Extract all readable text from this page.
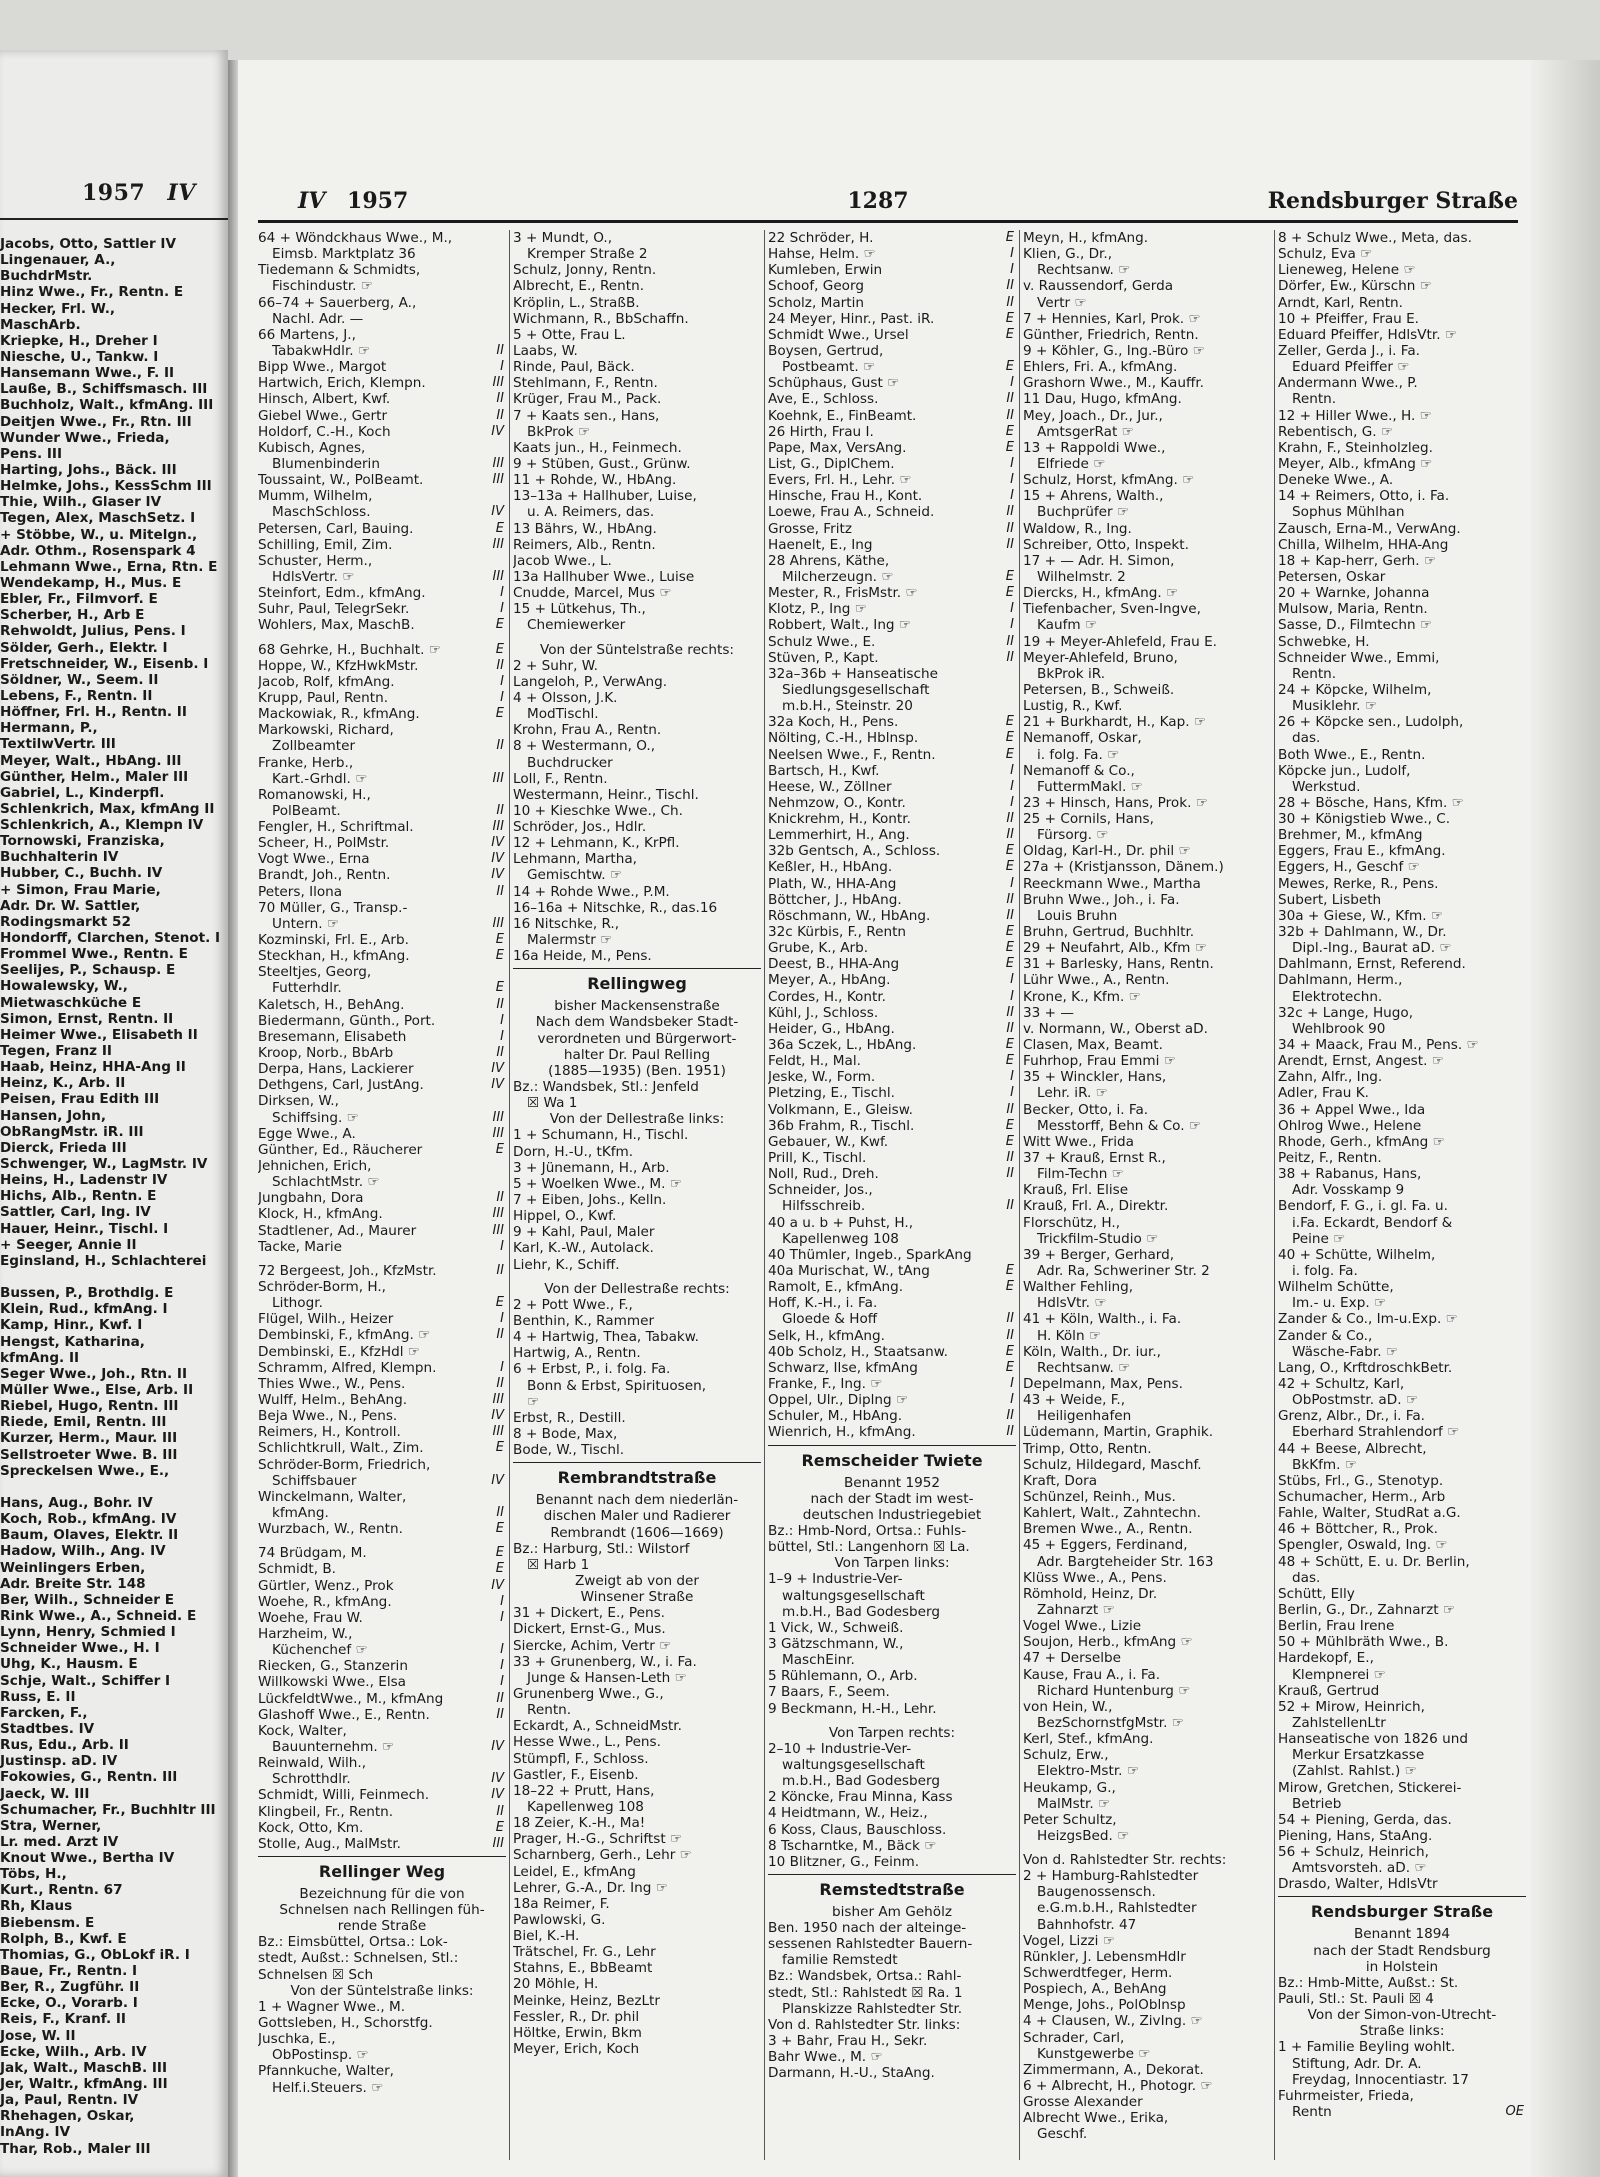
1957 IV
Jacobs, Otto, Sattler IV
Lingenauer, A.,
BuchdrMstr.
Hinz Wwe., Fr., Rentn. E
Hecker, Frl. W.,
MaschArb.
Kriepke, H., Dreher I
Niesche, U., Tankw. I
Hansemann Wwe., F. II
Lauße, B., Schiffsmasch. III
Buchholz, Walt., kfmAng. III
Deitjen Wwe., Fr., Rtn. III
Wunder Wwe., Frieda,
Pens. III
Harting, Johs., Bäck. III
Helmke, Johs., KessSchm III
Thie, Wilh., Glaser IV
Tegen, Alex, MaschSetz. I
+ Stöbbe, W., u. Mitelgn.,
Adr. Othm., Rosenspark 4
Lehmann Wwe., Erna, Rtn. E
Wendekamp, H., Mus. E
Ebler, Fr., Filmvorf. E
Scherber, H., Arb E
Rehwoldt, Julius, Pens. I
Sölder, Gerh., Elektr. I
Fretschneider, W., Eisenb. I
Söldner, W., Seem. II
Lebens, F., Rentn. II
Höffner, Frl. H., Rentn. II
Hermann, P.,
TextilwVertr. III
Meyer, Walt., HbAng. III
Günther, Helm., Maler III
Gabriel, L., Kinderpfl.
Schlenkrich, Max, kfmAng II
Schlenkrich, A., Klempn IV
Tornowski, Franziska,
Buchhalterin IV
Hubber, C., Buchh. IV
+ Simon, Frau Marie,
Adr. Dr. W. Sattler,
Rodingsmarkt 52
Hondorff, Clarchen, Stenot. I
Frommel Wwe., Rentn. E
Seelijes, P., Schausp. E
Howalewsky, W.,
Mietwaschküche E
Simon, Ernst, Rentn. II
Heimer Wwe., Elisabeth II
Tegen, Franz II
Haab, Heinz, HHA-Ang II
Heinz, K., Arb. II
Peisen, Frau Edith III
Hansen, John,
ObRangMstr. iR. III
Dierck, Frieda III
Schwenger, W., LagMstr. IV
Heins, H., Ladenstr IV
Hichs, Alb., Rentn. E
Sattler, Carl, Ing. IV
Hauer, Heinr., Tischl. I
+ Seeger, Annie II
Eginsland, H., Schlachterei
Bussen, P., Brothdlg. E
Klein, Rud., kfmAng. I
Kamp, Hinr., Kwf. I
Hengst, Katharina,
kfmAng. II
Seger Wwe., Joh., Rtn. II
Müller Wwe., Else, Arb. II
Riebel, Hugo, Rentn. III
Riede, Emil, Rentn. III
Kurzer, Herm., Maur. III
Sellstroeter Wwe. B. III
Spreckelsen Wwe., E.,
Hans, Aug., Bohr. IV
Koch, Rob., kfmAng. IV
Baum, Olaves, Elektr. II
Hadow, Wilh., Ang. IV
Weinlingers Erben,
Adr. Breite Str. 148
Ber, Wilh., Schneider E
Rink Wwe., A., Schneid. E
Lynn, Henry, Schmied I
Schneider Wwe., H. I
Uhg, K., Hausm. E
Schje, Walt., Schiffer I
Russ, E. II
Farcken, F.,
Stadtbes. IV
Rus, Edu., Arb. II
Justinsp. aD. IV
Fokowies, G., Rentn. III
Jaeck, W. III
Schumacher, Fr., Buchhltr III
Stra, Werner,
Lr. med. Arzt IV
Knout Wwe., Bertha IV
Töbs, H.,
Kurt., Rentn. 67
Rh, Klaus
Biebensm. E
Rolph, B., Kwf. E
Thomias, G., ObLokf iR. I
Baue, Fr., Rentn. I
Ber, R., Zugführ. II
Ecke, O., Vorarb. I
Reis, F., Kranf. II
Jose, W. II
Ecke, Wilh., Arb. IV
Jak, Walt., MaschB. III
Jer, Waltr., kfmAng. III
Ja, Paul, Rentn. IV
Rhehagen, Oskar,
InAng. IV
Thar, Rob., Maler III
IV 1957	1287	Rendsburger Straße
64 + Wöndckhaus Wwe., M.,
Eimsb. Marktplatz 36
Tiedemann & Schmidts,
Fischindustr. ☞
66–74 + Sauerberg, A.,
Nachl. Adr. —
66 Martens, J.,
TabakwHdlr. ☞	II
Bipp Wwe., Margot	I
Hartwich, Erich, Klempn.	III
Hinsch, Albert, Kwf.	II
Giebel Wwe., Gertr	II
Holdorf, C.-H., Koch	IV
Kubisch, Agnes,
Blumenbinderin	III
Toussaint, W., PolBeamt.	III
Mumm, Wilhelm,
MaschSchloss.	IV
Petersen, Carl, Bauing.	E
Schilling, Emil, Zim.	III
Schuster, Herm.,
HdlsVertr. ☞	III
Steinfort, Edm., kfmAng.	I
Suhr, Paul, TelegrSekr.	I
Wohlers, Max, MaschB.	E
68 Gehrke, H., Buchhalt. ☞	E
Hoppe, W., KfzHwkMstr.	II
Jacob, Rolf, kfmAng.	I
Krupp, Paul, Rentn.	I
Mackowiak, R., kfmAng.	E
Markowski, Richard,
Zollbeamter	II
Franke, Herb.,
Kart.-Grhdl. ☞	III
Romanowski, H.,
PolBeamt.	II
Fengler, H., Schriftmal.	III
Scheer, H., PolMstr.	IV
Vogt Wwe., Erna	IV
Brandt, Joh., Rentn.	IV
Peters, Ilona	II
70 Müller, G., Transp.-
Untern. ☞	III
Kozminski, Frl. E., Arb.	E
Steckhan, H., kfmAng.	E
Steeltjes, Georg,
Futterhdlr.	E
Kaletsch, H., BehAng.	II
Biedermann, Günth., Port.	I
Bresemann, Elisabeth	I
Kroop, Norb., BbArb	II
Derpa, Hans, Lackierer	IV
Dethgens, Carl, JustAng.	IV
Dirksen, W.,
Schiffsing. ☞	III
Egge Wwe., A.	III
Günther, Ed., Räucherer	E
Jehnichen, Erich,
SchlachtMstr. ☞
Jungbahn, Dora	II
Klock, H., kfmAng.	III
Stadtlener, Ad., Maurer	III
Tacke, Marie	I
72 Bergeest, Joh., KfzMstr.	II
Schröder-Borm, H.,
Lithogr.	E
Flügel, Wilh., Heizer	I
Dembinski, F., kfmAng. ☞	II
Dembinski, E., KfzHdl ☞
Schramm, Alfred, Klempn.	I
Thies Wwe., W., Pens.	II
Wulff, Helm., BehAng.	III
Beja Wwe., N., Pens.	IV
Reimers, H., Kontroll.	III
Schlichtkrull, Walt., Zim.	E
Schröder-Borm, Friedrich,
Schiffsbauer	IV
Winckelmann, Walter,
kfmAng.	II
Wurzbach, W., Rentn.	E
74 Brüdgam, M.	E
Schmidt, B.	E
Gürtler, Wenz., Prok	IV
Woehe, R., kfmAng.	I
Woehe, Frau W.	I
Harzheim, W.,
Küchenchef ☞	I
Riecken, G., Stanzerin	I
Willkowski Wwe., Elsa	I
LückfeldtWwe., M., kfmAng	II
Glashoff Wwe., E., Rentn.	II
Kock, Walter,
Bauunternehm. ☞	IV
Reinwald, Wilh.,
Schrotthdlr.	IV
Schmidt, Willi, Feinmech.	IV
Klingbeil, Fr., Rentn.	II
Kock, Otto, Km.	E
Stolle, Aug., MalMstr.	III
Rellinger Weg
Bezeichnung für die von
Schnelsen nach Rellingen füh-
rende Straße
Bz.: Eimsbüttel, Ortsa.: Lok-
stedt, Außst.: Schnelsen, Stl.:
Schnelsen ☒ Sch
Von der Süntelstraße links:
1 + Wagner Wwe., M.
Gottsleben, H., Schorstfg.
Juschka, E.,
ObPostinsp. ☞
Pfannkuche, Walter,
Helf.i.Steuers. ☞
3 + Mundt, O.,
Kremper Straße 2
Schulz, Jonny, Rentn.
Albrecht, E., Rentn.
Kröplin, L., StraßB.
Wichmann, R., BbSchaffn.
5 + Otte, Frau L.
Laabs, W.
Rinde, Paul, Bäck.
Stehlmann, F., Rentn.
Krüger, Frau M., Pack.
7 + Kaats sen., Hans,
BkProk ☞
Kaats jun., H., Feinmech.
9 + Stüben, Gust., Grünw.
11 + Rohde, W., HbAng.
13–13a + Hallhuber, Luise,
u. A. Reimers, das.
13 Bährs, W., HbAng.
Reimers, Alb., Rentn.
Jacob Wwe., L.
13a Hallhuber Wwe., Luise
Cnudde, Marcel, Mus ☞
15 + Lütkehus, Th.,
Chemiewerker
Von der Süntelstraße rechts:
2 + Suhr, W.
Langeloh, P., VerwAng.
4 + Olsson, J.K.
ModTischl.
Krohn, Frau A., Rentn.
8 + Westermann, O.,
Buchdrucker
Loll, F., Rentn.
Westermann, Heinr., Tischl.
10 + Kieschke Wwe., Ch.
Schröder, Jos., Hdlr.
12 + Lehmann, K., KrPfl.
Lehmann, Martha,
Gemischtw. ☞
14 + Rohde Wwe., P.M.
16–16a + Nitschke, R., das.16
16 Nitschke, R.,
Malermstr ☞
16a Heide, M., Pens.
Rellingweg
bisher Mackensenstraße
Nach dem Wandsbeker Stadt-
verordneten und Bürgerwort-
halter Dr. Paul Relling
(1885—1935) (Ben. 1951)
Bz.: Wandsbek, Stl.: Jenfeld
☒ Wa 1
Von der Dellestraße links:
1 + Schumann, H., Tischl.
Dorn, H.-U., tKfm.
3 + Jünemann, H., Arb.
5 + Woelken Wwe., M. ☞
7 + Eiben, Johs., Kelln.
Hippel, O., Kwf.
9 + Kahl, Paul, Maler
Karl, K.-W., Autolack.
Liehr, K., Schiff.
Von der Dellestraße rechts:
2 + Pott Wwe., F.,
Benthin, K., Rammer
4 + Hartwig, Thea, Tabakw.
Hartwig, A., Rentn.
6 + Erbst, P., i. folg. Fa.
Bonn & Erbst, Spirituosen,
☞
Erbst, R., Destill.
8 + Bode, Max,
Bode, W., Tischl.
Rembrandtstraße
Benannt nach dem niederlän-
dischen Maler und Radierer
Rembrandt (1606—1669)
Bz.: Harburg, Stl.: Wilstorf
☒ Harb 1
Zweigt ab von der
Winsener Straße
31 + Dickert, E., Pens.
Dickert, Ernst-G., Mus.
Siercke, Achim, Vertr ☞
33 + Grunenberg, W., i. Fa.
Junge & Hansen-Leth ☞
Grunenberg Wwe., G.,
Rentn.
Eckardt, A., SchneidMstr.
Hesse Wwe., L., Pens.
Stümpfl, F., Schloss.
Gastler, F., Eisenb.
18–22 + Prutt, Hans,
Kapellenweg 108
18 Zeier, K.-H., Ma!
Prager, H.-G., Schriftst ☞
Scharnberg, Gerh., Lehr ☞
Leidel, E., kfmAng
Lehrer, G.-A., Dr. Ing ☞
18a Reimer, F.
Pawlowski, G.
Biel, K.-H.
Trätschel, Fr. G., Lehr
Stahns, E., BbBeamt
20 Möhle, H.
Meinke, Heinz, BezLtr
Fessler, R., Dr. phil
Höltke, Erwin, Bkm
Meyer, Erich, Koch
22 Schröder, H.	E
Hahse, Helm. ☞	I
Kumleben, Erwin	I
Schoof, Georg	II
Scholz, Martin	II
24 Meyer, Hinr., Past. iR.	E
Schmidt Wwe., Ursel	E
Boysen, Gertrud,
Postbeamt. ☞	E
Schüphaus, Gust ☞	I
Ave, E., Schloss.	II
Koehnk, E., FinBeamt.	II
26 Hirth, Frau I.	E
Pape, Max, VersAng.	E
List, G., DiplChem.	I
Evers, Frl. H., Lehr. ☞	I
Hinsche, Frau H., Kont.	I
Loewe, Frau A., Schneid.	II
Grosse, Fritz	II
Haenelt, E., Ing	II
28 Ahrens, Käthe,
Milcherzeugn. ☞	E
Mester, R., FrisMstr. ☞	E
Klotz, P., Ing ☞	I
Robbert, Walt., Ing ☞	I
Schulz Wwe., E.	II
Stüven, P., Kapt.	II
32a–36b + Hanseatische
Siedlungsgesellschaft
m.b.H., Steinstr. 20
32a Koch, H., Pens.	E
Nölting, C.-H., Hblnsp.	E
Neelsen Wwe., F., Rentn.	E
Bartsch, H., Kwf.	I
Heese, W., Zöllner	I
Nehmzow, O., Kontr.	I
Knickrehm, H., Kontr.	II
Lemmerhirt, H., Ang.	II
32b Gentsch, A., Schloss.	E
Keßler, H., HbAng.	E
Plath, W., HHA-Ang	I
Böttcher, J., HbAng.	II
Röschmann, W., HbAng.	II
32c Kürbis, F., Rentn	E
Grube, K., Arb.	E
Deest, B., HHA-Ang	E
Meyer, A., HbAng.	I
Cordes, H., Kontr.	I
Kühl, J., Schloss.	II
Heider, G., HbAng.	II
36a Sczek, L., HbAng.	E
Feldt, H., Mal.	E
Jeske, W., Form.	I
Pletzing, E., Tischl.	I
Volkmann, E., Gleisw.	II
36b Frahm, R., Tischl.	E
Gebauer, W., Kwf.	E
Prill, K., Tischl.	II
Noll, Rud., Dreh.	II
Schneider, Jos.,
Hilfsschreib.	II
40 a u. b + Puhst, H.,
Kapellenweg 108
40 Thümler, Ingeb., SparkAng
40a Murischat, W., tAng	E
Ramolt, E., kfmAng.	E
Hoff, K.-H., i. Fa.
Gloede & Hoff	II
Selk, H., kfmAng.	II
40b Scholz, H., Staatsanw.	E
Schwarz, Ilse, kfmAng	E
Franke, F., Ing. ☞	I
Oppel, Ulr., Diplng ☞	I
Schuler, M., HbAng.	II
Wienrich, H., kfmAng.	II
Remscheider Twiete
Benannt 1952
nach der Stadt im west-
deutschen Industriegebiet
Bz.: Hmb-Nord, Ortsa.: Fuhls-
büttel, Stl.: Langenhorn ☒ La.
Von Tarpen links:
1–9 + Industrie-Ver-
waltungsgesellschaft
m.b.H., Bad Godesberg
1 Vick, W., Schweiß.
3 Gätzschmann, W.,
MaschEinr.
5 Rühlemann, O., Arb.
7 Baars, F., Seem.
9 Beckmann, H.-H., Lehr.
Von Tarpen rechts:
2–10 + Industrie-Ver-
waltungsgesellschaft
m.b.H., Bad Godesberg
2 Köncke, Frau Minna, Kass
4 Heidtmann, W., Heiz.,
6 Koss, Claus, Bauschloss.
8 Tscharntke, M., Bäck ☞
10 Blitzner, G., Feinm.
Remstedtstraße
bisher Am Gehölz
Ben. 1950 nach der alteinge-
sessenen Rahlstedter Bauern-
familie Remstedt
Bz.: Wandsbek, Ortsa.: Rahl-
stedt, Stl.: Rahlstedt ☒ Ra. 1
Planskizze Rahlstedter Str.
Von d. Rahlstedter Str. links:
3 + Bahr, Frau H., Sekr.
Bahr Wwe., M. ☞
Darmann, H.-U., StaAng.
Meyn, H., kfmAng.
Klien, G., Dr.,
Rechtsanw. ☞
v. Raussendorf, Gerda
Vertr ☞
7 + Hennies, Karl, Prok. ☞
Günther, Friedrich, Rentn.
9 + Köhler, G., Ing.-Büro ☞
Ehlers, Fri. A., kfmAng.
Grashorn Wwe., M., Kauffr.
11 Dau, Hugo, kfmAng.
Mey, Joach., Dr., Jur.,
AmtsgerRat ☞
13 + Rappoldi Wwe.,
Elfriede ☞
Schulz, Horst, kfmAng. ☞
15 + Ahrens, Walth.,
Buchprüfer ☞
Waldow, R., Ing.
Schreiber, Otto, Inspekt.
17 + — Adr. H. Simon,
Wilhelmstr. 2
Diercks, H., kfmAng. ☞
Tiefenbacher, Sven-Ingve,
Kaufm ☞
19 + Meyer-Ahlefeld, Frau E.
Meyer-Ahlefeld, Bruno,
BkProk iR.
Petersen, B., Schweiß.
Lustig, R., Kwf.
21 + Burkhardt, H., Kap. ☞
Nemanoff, Oskar,
i. folg. Fa. ☞
Nemanoff & Co.,
FuttermMakl. ☞
23 + Hinsch, Hans, Prok. ☞
25 + Cornils, Hans,
Fürsorg. ☞
Oldag, Karl-H., Dr. phil ☞
27a + (Kristjansson, Dänem.)
Reeckmann Wwe., Martha
Bruhn Wwe., Joh., i. Fa.
Louis Bruhn
Bruhn, Gertrud, Buchhltr.
29 + Neufahrt, Alb., Kfm ☞
31 + Barlesky, Hans, Rentn.
Lühr Wwe., A., Rentn.
Krone, K., Kfm. ☞
33 + —
v. Normann, W., Oberst aD.
Clasen, Max, Beamt.
Fuhrhop, Frau Emmi ☞
35 + Winckler, Hans,
Lehr. iR. ☞
Becker, Otto, i. Fa.
Messtorff, Behn & Co. ☞
Witt Wwe., Frida
37 + Krauß, Ernst R.,
Film-Techn ☞
Krauß, Frl. Elise
Krauß, Frl. A., Direktr.
Florschütz, H.,
Trickfilm-Studio ☞
39 + Berger, Gerhard,
Adr. Ra, Schweriner Str. 2
Walther Fehling,
HdlsVtr. ☞
41 + Köln, Walth., i. Fa.
H. Köln ☞
Köln, Walth., Dr. iur.,
Rechtsanw. ☞
Depelmann, Max, Pens.
43 + Weide, F.,
Heiligenhafen
Lüdemann, Martin, Graphik.
Trimp, Otto, Rentn.
Schulz, Hildegard, Maschf.
Kraft, Dora
Schünzel, Reinh., Mus.
Kahlert, Walt., Zahntechn.
Bremen Wwe., A., Rentn.
45 + Eggers, Ferdinand,
Adr. Bargteheider Str. 163
Klüss Wwe., A., Pens.
Römhold, Heinz, Dr.
Zahnarzt ☞
Vogel Wwe., Lizie
Soujon, Herb., kfmAng ☞
47 + Derselbe
Kause, Frau A., i. Fa.
Richard Huntenburg ☞
von Hein, W.,
BezSchornstfgMstr. ☞
Kerl, Stef., kfmAng.
Schulz, Erw.,
Elektro-Mstr. ☞
Heukamp, G.,
MalMstr. ☞
Peter Schultz,
HeizgsBed. ☞
Von d. Rahlstedter Str. rechts:
2 + Hamburg-Rahlstedter
Baugenossensch.
e.G.m.b.H., Rahlstedter
Bahnhofstr. 47
Vogel, Lizzi ☞
Rünkler, J. LebensmHdlr
Schwerdtfeger, Herm.
Pospiech, A., BehAng
Menge, Johs., PolOblnsp
4 + Clausen, W., ZivIng. ☞
Schrader, Carl,
Kunstgewerbe ☞
Zimmermann, A., Dekorat.
6 + Albrecht, H., Photogr. ☞
Grosse Alexander
Albrecht Wwe., Erika,
Geschf.
8 + Schulz Wwe., Meta, das.
Schulz, Eva ☞
Lieneweg, Helene ☞
Dörfer, Ew., Kürschn ☞
Arndt, Karl, Rentn.
10 + Pfeiffer, Frau E.
Eduard Pfeiffer, HdlsVtr. ☞
Zeller, Gerda J., i. Fa.
Eduard Pfeiffer ☞
Andermann Wwe., P.
Rentn.
12 + Hiller Wwe., H. ☞
Rebentisch, G. ☞
Krahn, F., Steinholzleg.
Meyer, Alb., kfmAng ☞
Deneke Wwe., A.
14 + Reimers, Otto, i. Fa.
Sophus Mühlhan
Zausch, Erna-M., VerwAng.
Chilla, Wilhelm, HHA-Ang
18 + Kap-herr, Gerh. ☞
Petersen, Oskar
20 + Warnke, Johanna
Mulsow, Maria, Rentn.
Sasse, D., Filmtechn ☞
Schwebke, H.
Schneider Wwe., Emmi,
Rentn.
24 + Köpcke, Wilhelm,
Musiklehr. ☞
26 + Köpcke sen., Ludolph,
das.
Both Wwe., E., Rentn.
Köpcke jun., Ludolf,
Werkstud.
28 + Bösche, Hans, Kfm. ☞
30 + Königstieb Wwe., C.
Brehmer, M., kfmAng
Eggers, Frau E., kfmAng.
Eggers, H., Geschf ☞
Mewes, Rerke, R., Pens.
Subert, Lisbeth
30a + Giese, W., Kfm. ☞
32b + Dahlmann, W., Dr.
Dipl.-Ing., Baurat aD. ☞
Dahlmann, Ernst, Referend.
Dahlmann, Herm.,
Elektrotechn.
32c + Lange, Hugo,
Wehlbrook 90
34 + Maack, Frau M., Pens. ☞
Arendt, Ernst, Angest. ☞
Zahn, Alfr., Ing.
Adler, Frau K.
36 + Appel Wwe., Ida
Ohlrog Wwe., Helene
Rhode, Gerh., kfmAng ☞
Peitz, F., Rentn.
38 + Rabanus, Hans,
Adr. Vosskamp 9
Bendorf, F. G., i. gl. Fa. u.
i.Fa. Eckardt, Bendorf &
Peine ☞
40 + Schütte, Wilhelm,
i. folg. Fa.
Wilhelm Schütte,
Im.- u. Exp. ☞
Zander & Co., Im-u.Exp. ☞
Zander & Co.,
Wäsche-Fabr. ☞
Lang, O., KrftdroschkBetr.
42 + Schultz, Karl,
ObPostmstr. aD. ☞
Grenz, Albr., Dr., i. Fa.
Eberhard Strahlendorf ☞
44 + Beese, Albrecht,
BkKfm. ☞
Stübs, Frl., G., Stenotyp.
Schumacher, Herm., Arb
Fahle, Walter, StudRat a.G.
46 + Böttcher, R., Prok.
Spengler, Oswald, Ing. ☞
48 + Schütt, E. u. Dr. Berlin,
das.
Schütt, Elly
Berlin, G., Dr., Zahnarzt ☞
Berlin, Frau Irene
50 + Mühlbräth Wwe., B.
Hardekopf, E.,
Klempnerei ☞
Krauß, Gertrud
52 + Mirow, Heinrich,
ZahlstellenLtr
Hanseatische von 1826 und
Merkur Ersatzkasse
(Zahlst. Rahlst.) ☞
Mirow, Gretchen, Stickerei-
Betrieb
54 + Piening, Gerda, das.
Piening, Hans, StaAng.
56 + Schulz, Heinrich,
Amtsvorsteh. aD. ☞
Drasdo, Walter, HdlsVtr
Rendsburger Straße
Benannt 1894
nach der Stadt Rendsburg
in Holstein
Bz.: Hmb-Mitte, Außst.: St.
Pauli, Stl.: St. Pauli ☒ 4
Von der Simon-von-Utrecht-
Straße links:
1 + Familie Beyling wohlt.
Stiftung, Adr. Dr. A.
Freydag, Innocentiastr. 17
Fuhrmeister, Frieda,
Rentn	OE
